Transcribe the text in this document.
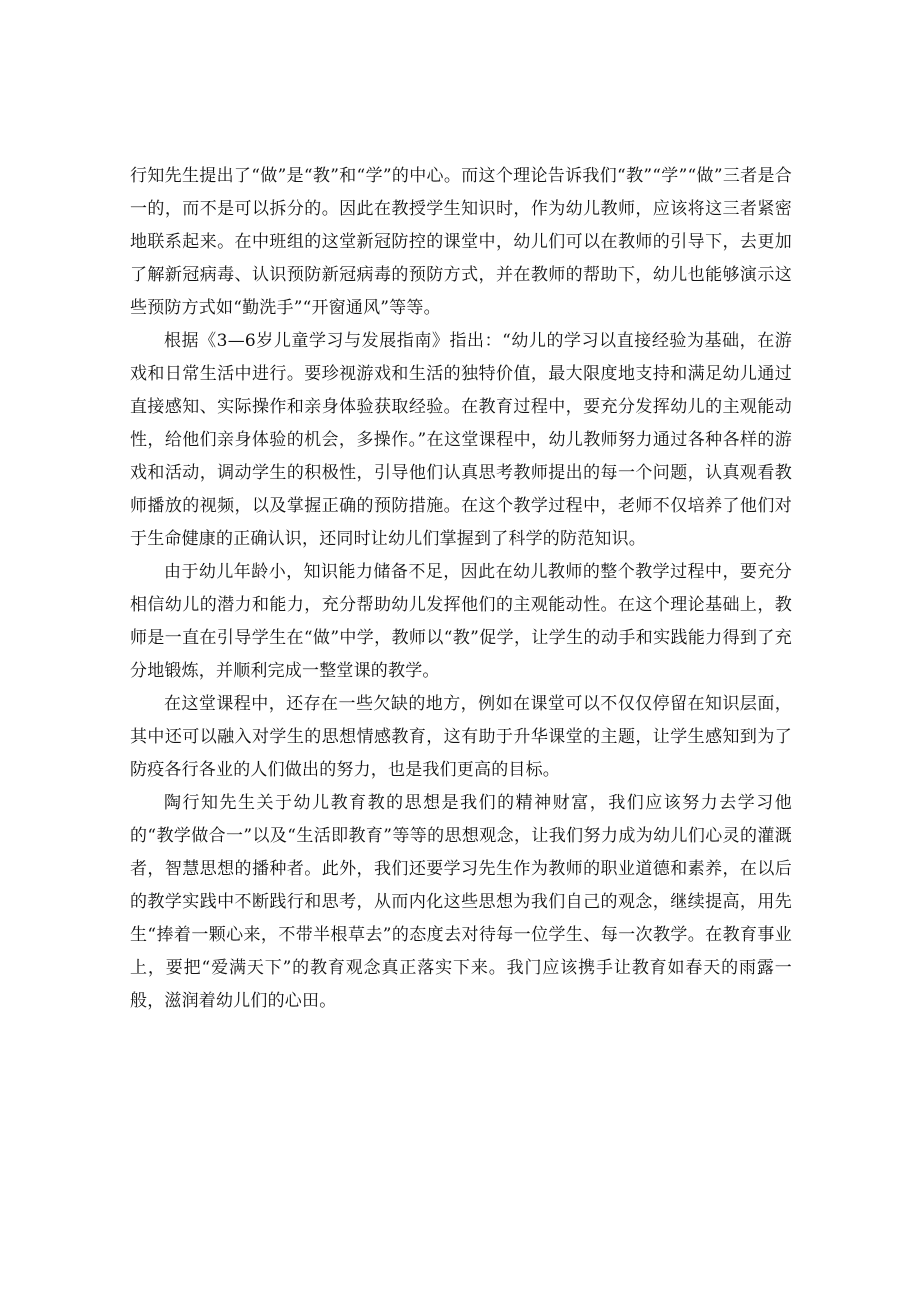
行知先生提出了“做”是“教”和“学”的中心。而这个理论告诉我们“教”“学”“做”三者是合一的，而不是可以拆分的。因此在教授学生知识时，作为幼儿教师，应该将这三者紧密地联系起来。在中班组的这堂新冠防控的课堂中，幼儿们可以在教师的引导下，去更加了解新冠病毒、认识预防新冠病毒的预防方式，并在教师的帮助下，幼儿也能够演示这些预防方式如“勤洗手”“开窗通风”等等。

根据《3—6岁儿童学习与发展指南》指出：“幼儿的学习以直接经验为基础，在游戏和日常生活中进行。要珍视游戏和生活的独特价值，最大限度地支持和满足幼儿通过直接感知、实际操作和亲身体验获取经验。在教育过程中，要充分发挥幼儿的主观能动性，给他们亲身体验的机会，多操作。”在这堂课程中，幼儿教师努力通过各种各样的游戏和活动，调动学生的积极性，引导他们认真思考教师提出的每一个问题，认真观看教师播放的视频，以及掌握正确的预防措施。在这个教学过程中，老师不仅培养了他们对于生命健康的正确认识，还同时让幼儿们掌握到了科学的防范知识。

由于幼儿年龄小，知识能力储备不足，因此在幼儿教师的整个教学过程中，要充分相信幼儿的潜力和能力，充分帮助幼儿发挥他们的主观能动性。在这个理论基础上，教师是一直在引导学生在“做”中学，教师以“教”促学，让学生的动手和实践能力得到了充分地锻炼，并顺利完成一整堂课的教学。

在这堂课程中，还存在一些欠缺的地方，例如在课堂可以不仅仅停留在知识层面，其中还可以融入对学生的思想情感教育，这有助于升华课堂的主题，让学生感知到为了防疫各行各业的人们做出的努力，也是我们更高的目标。

陶行知先生关于幼儿教育教的思想是我们的精神财富，我们应该努力去学习他的“教学做合一”以及“生活即教育”等等的思想观念，让我们努力成为幼儿们心灵的灌溉者，智慧思想的播种者。此外，我们还要学习先生作为教师的职业道德和素养，在以后的教学实践中不断践行和思考，从而内化这些思想为我们自己的观念，继续提高，用先生“捧着一颗心来，不带半根草去”的态度去对待每一位学生、每一次教学。在教育事业上，要把“爱满天下”的教育观念真正落实下来。我门应该携手让教育如春天的雨露一般，滋润着幼儿们的心田。
